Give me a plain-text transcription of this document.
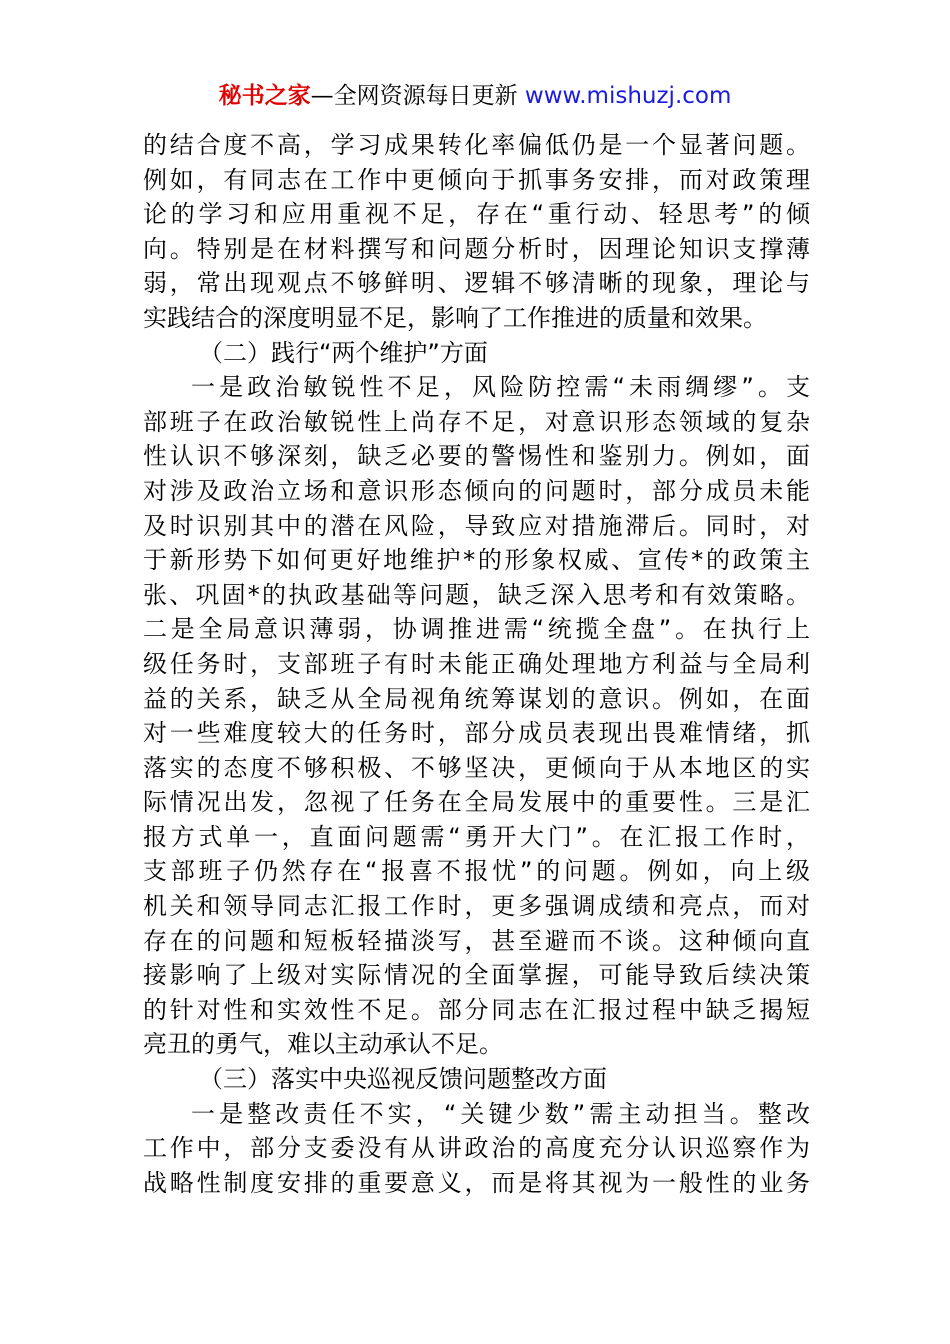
秘书之家—全网资源每日更新 www.mishuzj.com
的结合度不高，学习成果转化率偏低仍是一个显著问题。
例如，有同志在工作中更倾向于抓事务安排，而对政策理
论的学习和应用重视不足，存在“重行动、轻思考”的倾
向。特别是在材料撰写和问题分析时，因理论知识支撑薄
弱，常出现观点不够鲜明、逻辑不够清晰的现象，理论与
实践结合的深度明显不足，影响了工作推进的质量和效果。
（二）践行“两个维护”方面
一是政治敏锐性不足，风险防控需“未雨绸缪”。支
部班子在政治敏锐性上尚存不足，对意识形态领域的复杂
性认识不够深刻，缺乏必要的警惕性和鉴别力。例如，面
对涉及政治立场和意识形态倾向的问题时，部分成员未能
及时识别其中的潜在风险，导致应对措施滞后。同时，对
于新形势下如何更好地维护*的形象权威、宣传*的政策主
张、巩固*的执政基础等问题，缺乏深入思考和有效策略。
二是全局意识薄弱，协调推进需“统揽全盘”。在执行上
级任务时，支部班子有时未能正确处理地方利益与全局利
益的关系，缺乏从全局视角统筹谋划的意识。例如，在面
对一些难度较大的任务时，部分成员表现出畏难情绪，抓
落实的态度不够积极、不够坚决，更倾向于从本地区的实
际情况出发，忽视了任务在全局发展中的重要性。三是汇
报方式单一，直面问题需“勇开大门”。在汇报工作时，
支部班子仍然存在“报喜不报忧”的问题。例如，向上级
机关和领导同志汇报工作时，更多强调成绩和亮点，而对
存在的问题和短板轻描淡写，甚至避而不谈。这种倾向直
接影响了上级对实际情况的全面掌握，可能导致后续决策
的针对性和实效性不足。部分同志在汇报过程中缺乏揭短
亮丑的勇气，难以主动承认不足。
（三）落实中央巡视反馈问题整改方面
一是整改责任不实，“关键少数”需主动担当。整改
工作中，部分支委没有从讲政治的高度充分认识巡察作为
战略性制度安排的重要意义，而是将其视为一般性的业务
